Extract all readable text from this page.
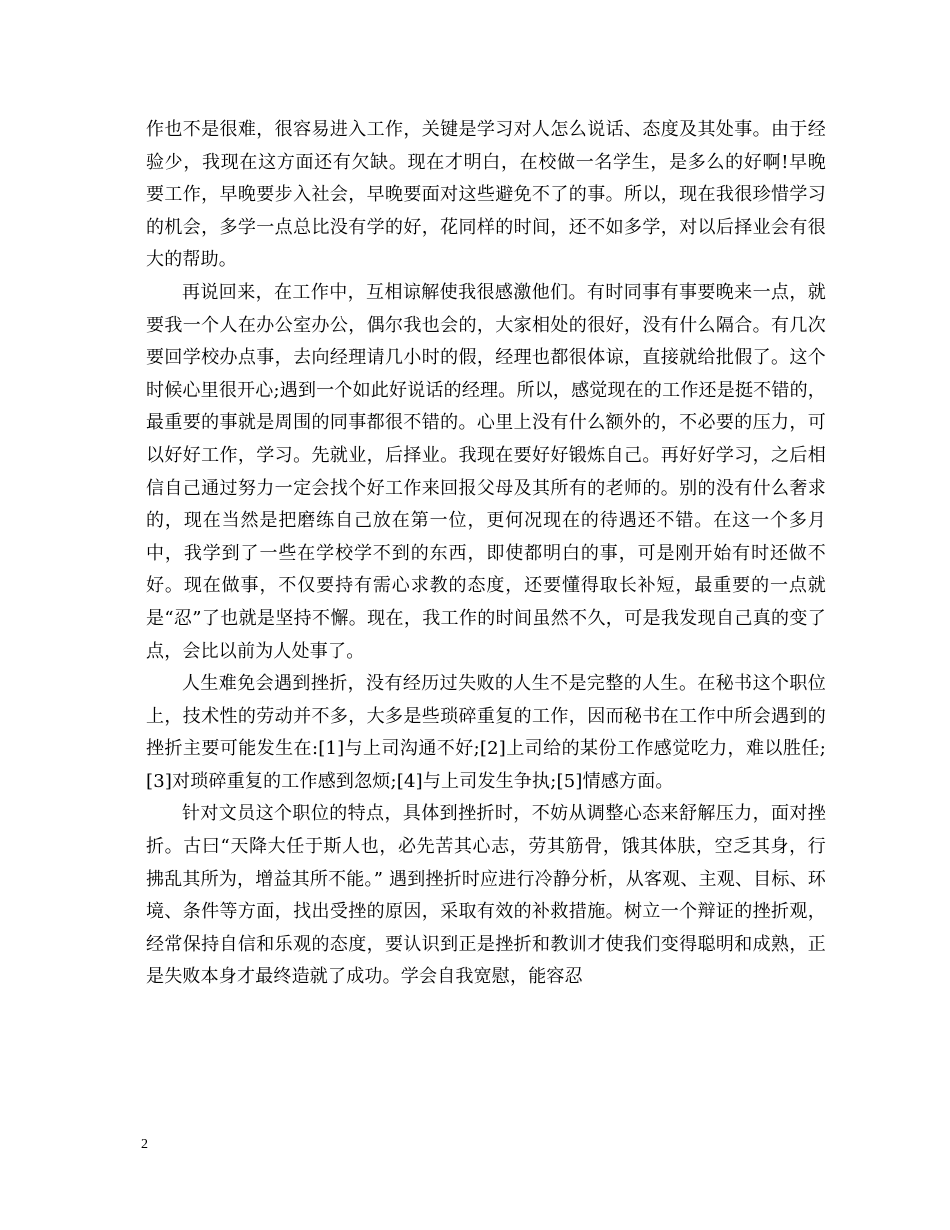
作也不是很难，很容易进入工作，关键是学习对人怎么说话、态度及其处事。由于经验少，我现在这方面还有欠缺。现在才明白，在校做一名学生，是多么的好啊!早晚要工作，早晚要步入社会，早晚要面对这些避免不了的事。所以，现在我很珍惜学习的机会，多学一点总比没有学的好，花同样的时间，还不如多学，对以后择业会有很大的帮助。

再说回来，在工作中，互相谅解使我很感激他们。有时同事有事要晚来一点，就要我一个人在办公室办公，偶尔我也会的，大家相处的很好，没有什么隔合。有几次要回学校办点事，去向经理请几小时的假，经理也都很体谅，直接就给批假了。这个时候心里很开心;遇到一个如此好说话的经理。所以，感觉现在的工作还是挺不错的，最重要的事就是周围的同事都很不错的。心里上没有什么额外的，不必要的压力，可以好好工作，学习。先就业，后择业。我现在要好好锻炼自己。再好好学习，之后相信自己通过努力一定会找个好工作来回报父母及其所有的老师的。别的没有什么奢求的，现在当然是把磨练自己放在第一位，更何况现在的待遇还不错。在这一个多月中，我学到了一些在学校学不到的东西，即使都明白的事，可是刚开始有时还做不好。现在做事，不仅要持有需心求教的态度，还要懂得取长补短，最重要的一点就是“忍”了也就是坚持不懈。现在，我工作的时间虽然不久，可是我发现自己真的变了点，会比以前为人处事了。

人生难免会遇到挫折，没有经历过失败的人生不是完整的人生。在秘书这个职位上，技术性的劳动并不多，大多是些琐碎重复的工作，因而秘书在工作中所会遇到的挫折主要可能发生在:[1]与上司沟通不好;[2]上司给的某份工作感觉吃力，难以胜任;[3]对琐碎重复的工作感到忽烦;[4]与上司发生争执;[5]情感方面。

针对文员这个职位的特点，具体到挫折时，不妨从调整心态来舒解压力，面对挫折。古曰“天降大任于斯人也，必先苦其心志，劳其筋骨，饿其体肤，空乏其身，行拂乱其所为，增益其所不能。” 遇到挫折时应进行冷静分析，从客观、主观、目标、环境、条件等方面，找出受挫的原因，采取有效的补救措施。树立一个辩证的挫折观，经常保持自信和乐观的态度，要认识到正是挫折和教训才使我们变得聪明和成熟，正是失败本身才最终造就了成功。学会自我宽慰，能容忍

2
